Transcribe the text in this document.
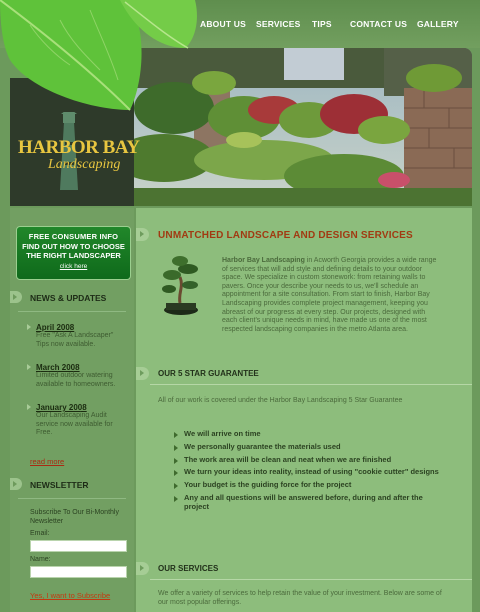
ABOUT US	SERVICES	TIPS	CONTACT US	GALLERY
HARBOR BAY
Landscaping
FREE CONSUMER INFO
FIND OUT HOW TO CHOOSE THE RIGHT LANDSCAPER
click here
NEWS & UPDATES
April 2008
Free "Ask A Landscaper" Tips now available.
March 2008
Limited outdoor watering available to homeowners.
January 2008
Our Landscaping Audit service now available for Free.
read more
NEWSLETTER
Subscribe To Our Bi-Monthly Newsletter
Email:
Name:
Yes, I want to Subscribe
UNMATCHED LANDSCAPE AND DESIGN SERVICES
Harbor Bay Landscaping in Acworth Georgia provides a wide range of services that will add style and defining details to your outdoor space. We specialize in custom stonework: from retaining walls to pavers. Once your describe your needs to us, we'll schedule an appointment for a site consultation. From start to finish, Harbor Bay Landscaping provides complete project management, keeping you abreast of our progress at every step. Our projects, designed with each client's unique needs in mind, have made us one of the most respected landscaping companies in the metro Atlanta area.
OUR 5 STAR GUARANTEE
All of our work is covered under the Harbor Bay Landscaping 5 Star Guarantee
We will arrive on time
We personally guarantee the materials used
The work area will be clean and neat when we are finished
We turn your ideas into reality, instead of using "cookie cutter" designs
Your budget is the guiding force for the project
Any and all questions will be answered before, during and after the project
OUR SERVICES
We offer a variety of services to help retain the value of your investment. Below are some of our most popular offerings.
